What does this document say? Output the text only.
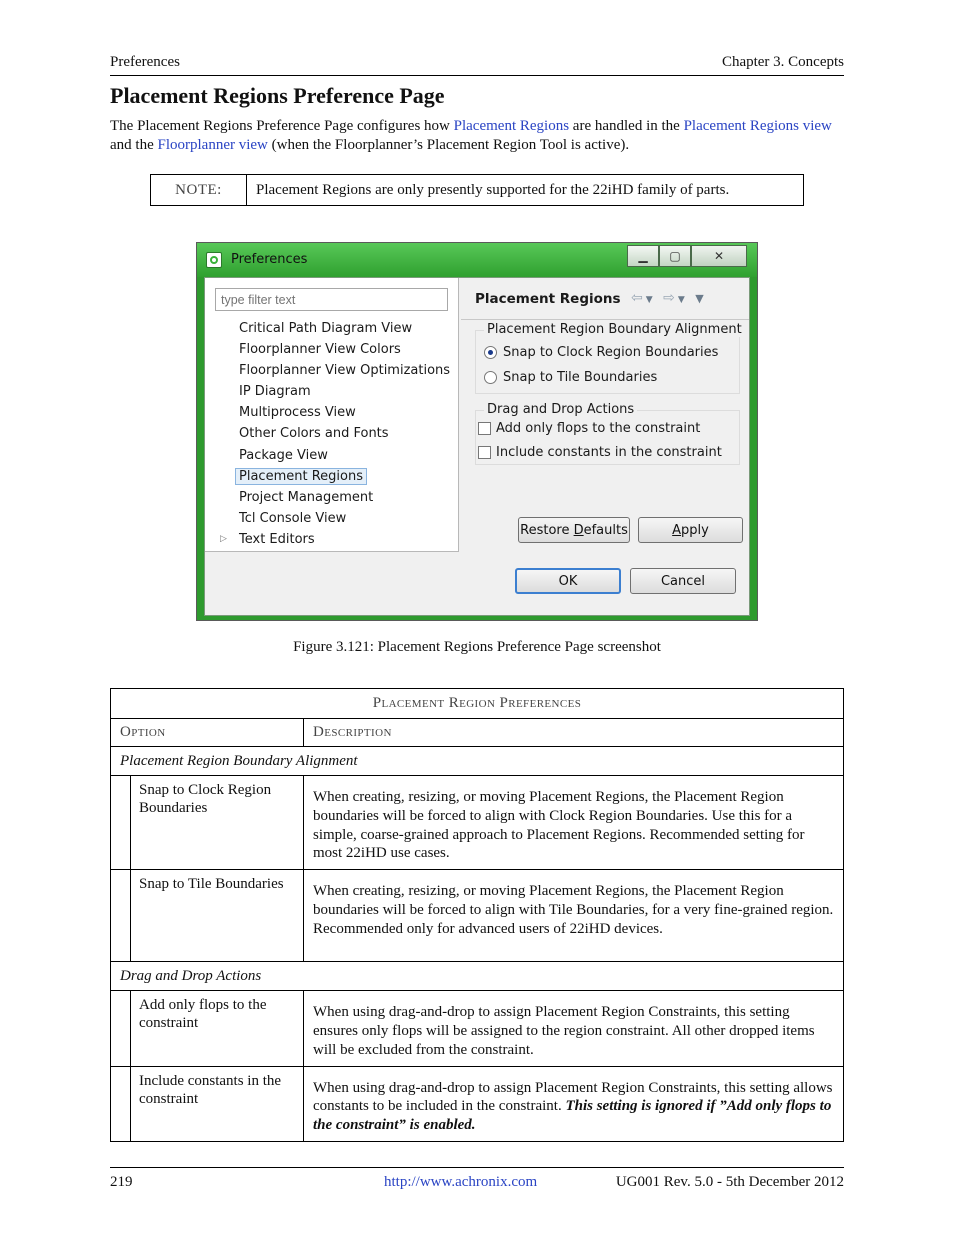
Preferences	Chapter 3. Concepts
Placement Regions Preference Page

The Placement Regions Preference Page configures how Placement Regions are handled in the Placement Regions view and the Floorplanner view (when the Floorplanner’s Placement Region Tool is active).

NOTE:	Placement Regions are only presently supported for the 22iHD family of parts.
Preferences	▁	▢	✕
type filter text
Critical Path Diagram View
Floorplanner View Colors
Floorplanner View Optimizations
IP Diagram
Multiprocess View
Other Colors and Fonts
Package View
Placement Regions
Project Management
Tcl Console View
▷ Text Editors
Placement Regions ⇦▼ ⇨▼ ▼
Placement Region Boundary Alignment
Snap to Clock Region Boundaries
Snap to Tile Boundaries
Drag and Drop Actions
Add only flops to the constraint
Include constants in the constraint
Restore D efaults	A pply
OK	Cancel
Figure 3.121: Placement Regions Preference Page screenshot
Placement Region Preferences		
Option		Description
Placement Region Boundary Alignment		
	Snap to Clock Region Boundaries	When creating, resizing, or moving Placement Regions, the Placement Region boundaries will be forced to align with Clock Region Boundaries. Use this for a simple, coarse-grained approach to Placement Regions. Recommended setting for most 22iHD use cases.
	Snap to Tile Boundaries	When creating, resizing, or moving Placement Regions, the Placement Region boundaries will be forced to align with Tile Boundaries, for a very fine-grained region. Recommended only for advanced users of 22iHD devices.
Drag and Drop Actions		
	Add only flops to the constraint	When using drag-and-drop to assign Placement Region Constraints, this setting ensures only flops will be assigned to the region constraint. All other dropped items will be excluded from the constraint.
	Include constants in the constraint	When using drag-and-drop to assign Placement Region Constraints, this setting allows constants to be included in the constraint. This setting is ignored if ”Add only flops to the constraint” is enabled.
219	http://www.achronix.com	UG001 Rev. 5.0 - 5th December 2012
